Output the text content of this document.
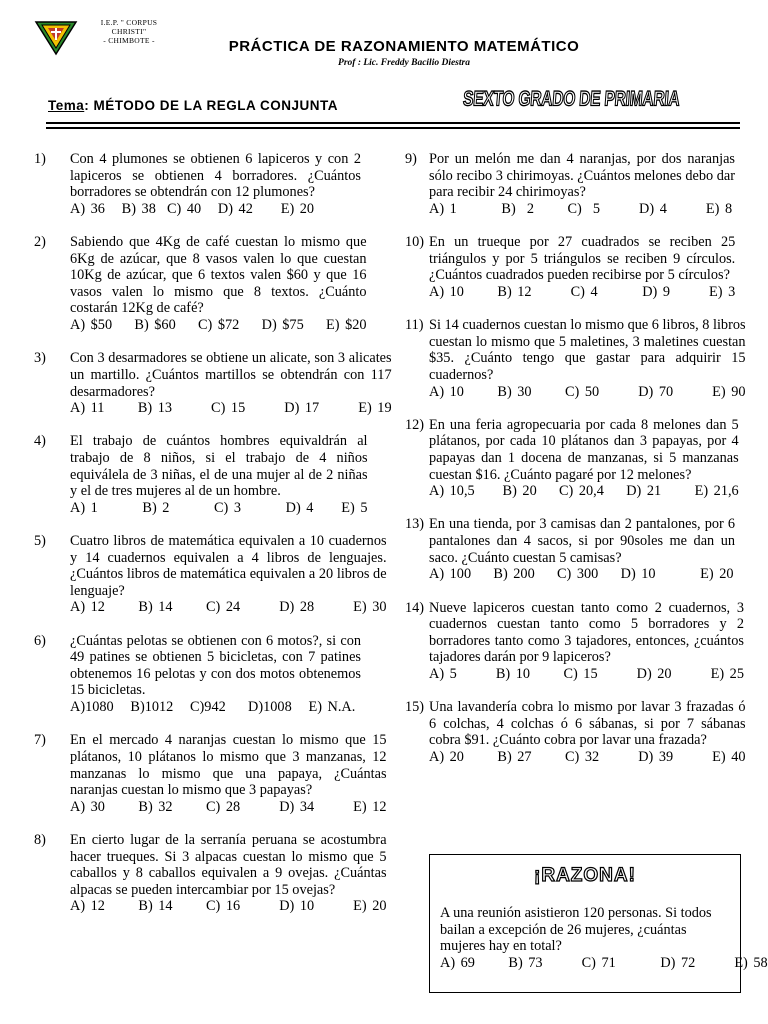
I.E.P. " CORPUS CHRISTI"
- CHIMBOTE -	PRÁCTICA DE RAZONAMIENTO MATEMÁTICO
Prof : Lic. Freddy Bacilio Diestra
Tema: MÉTODO DE LA REGLA CONJUNTA	SEXTO GRADO DE PRIMARIA
1)	Con 4 plumones se obtienen 6 lapiceros y con 2 lapiceros se obtienen 4 borradores. ¿Cuántos borradores se obtendrán con 12 plumones?
A) 36   B) 38  C) 40   D) 42     E) 20
2)	Sabiendo que 4Kg de café cuestan lo mismo que 6Kg de azúcar, que 8 vasos valen lo que cuestan 10Kg de azúcar, que 6 textos valen $60 y que 16 vasos valen lo mismo que 8 textos. ¿Cuánto costarán 12Kg de café?
A) $50    B) $60    C) $72    D) $75    E) $20
3)	Con 3 desarmadores se obtiene un alicate, son 3 alicates un martillo. ¿Cuántos martillos se obtendrán con 117 desarmadores?
A) 11      B) 13       C) 15       D) 17       E) 19
4)	El trabajo de cuántos hombres equivaldrán al trabajo de 8 niños, si el trabajo de 4 niños equiválela de 3 niñas, el de una mujer al de 2 niñas y el de tres mujeres al de un hombre.
A) 1        B) 2        C) 3        D) 4     E) 5
5)	Cuatro libros de matemática equivalen a 10 cuadernos y 14 cuadernos equivalen a 4 libros de lenguajes. ¿Cuántos libros de matemática equivalen a 20 libros de lenguaje?
A) 12      B) 14      C) 24       D) 28       E) 30
6)	¿Cuántas pelotas se obtienen con 6 motos?, si con 49 patines se obtienen 5 bicicletas, con 7 patines obtenemos 16 pelotas y con dos motos obtenemos 15 bicicletas.
A)1080   B)1012   C)942    D)1008   E) N.A.
7)	En el mercado 4 naranjas cuestan lo mismo que 15 plátanos, 10 plátanos lo mismo que 3 manzanas, 12 manzanas lo mismo que una papaya, ¿Cuántas naranjas cuestan lo mismo que 3 papayas?
A) 30      B) 32      C) 28       D) 34       E) 12
8)	En cierto lugar de la serranía peruana se acostumbra hacer trueques. Si 3 alpacas cuestan lo mismo que 5 caballos y 8 caballos equivalen a 9 ovejas. ¿Cuántas alpacas se pueden intercambiar por 15 ovejas?
A) 12      B) 14      C) 16       D) 10       E) 20
9) Por un melón me dan 4 naranjas, por dos naranjas sólo recibo 3 chirimoyas. ¿Cuántos melones debo dar para recibir 24 chirimoyas?
A) 1        B)  2      C)  5       D) 4       E) 8
10) En un trueque por 27 cuadrados se reciben 25 triángulos y por 5 triángulos se reciben 9 círculos. ¿Cuántos cuadrados pueden recibirse por 5 círculos?
A) 10      B) 12       C) 4        D) 9       E) 3
11) Si 14 cuadernos cuestan lo mismo que 6 libros, 8 libros cuestan lo mismo que 5 maletines, 3 maletines cuestan $35. ¿Cuánto tengo que gastar para adquirir 15 cuadernos?
A) 10      B) 30      C) 50       D) 70       E) 90
12) En una feria agropecuaria por cada 8 melones dan 5 plátanos, por cada 10 plátanos dan 3 papayas, por 4 papayas dan 1 docena de manzanas, si 5 manzanas cuestan $16. ¿Cuánto pagaré por 12 melones?
A) 10,5     B) 20    C) 20,4    D) 21      E) 21,6
13) En una tienda, por 3 camisas dan 2 pantalones, por 6 pantalones dan 4 sacos, si por 90soles me dan un saco. ¿Cuánto cuestan 5 camisas?
A) 100    B) 200    C) 300    D) 10        E) 20
14) Nueve lapiceros cuestan tanto como 2 cuadernos, 3 cuadernos cuestan tanto como 5 borradores y 2 borradores tanto como 3 tajadores, entonces, ¿cuántos tajadores darán por 9 lapiceros?
A) 5       B) 10      C) 15       D) 20       E) 25
15) Una lavandería cobra lo mismo por lavar 3 frazadas ó 6 colchas, 4 colchas ó 6 sábanas, si por 7 sábanas cobra $91. ¿Cuánto cobra por lavar una frazada?
A) 20      B) 27      C) 32       D) 39       E) 40
¡RAZONA!
A una reunión asistieron 120 personas. Si todos bailan a excepción de 26 mujeres, ¿cuántas mujeres hay en total?
A) 69      B) 73       C) 71        D) 72       E) 58
